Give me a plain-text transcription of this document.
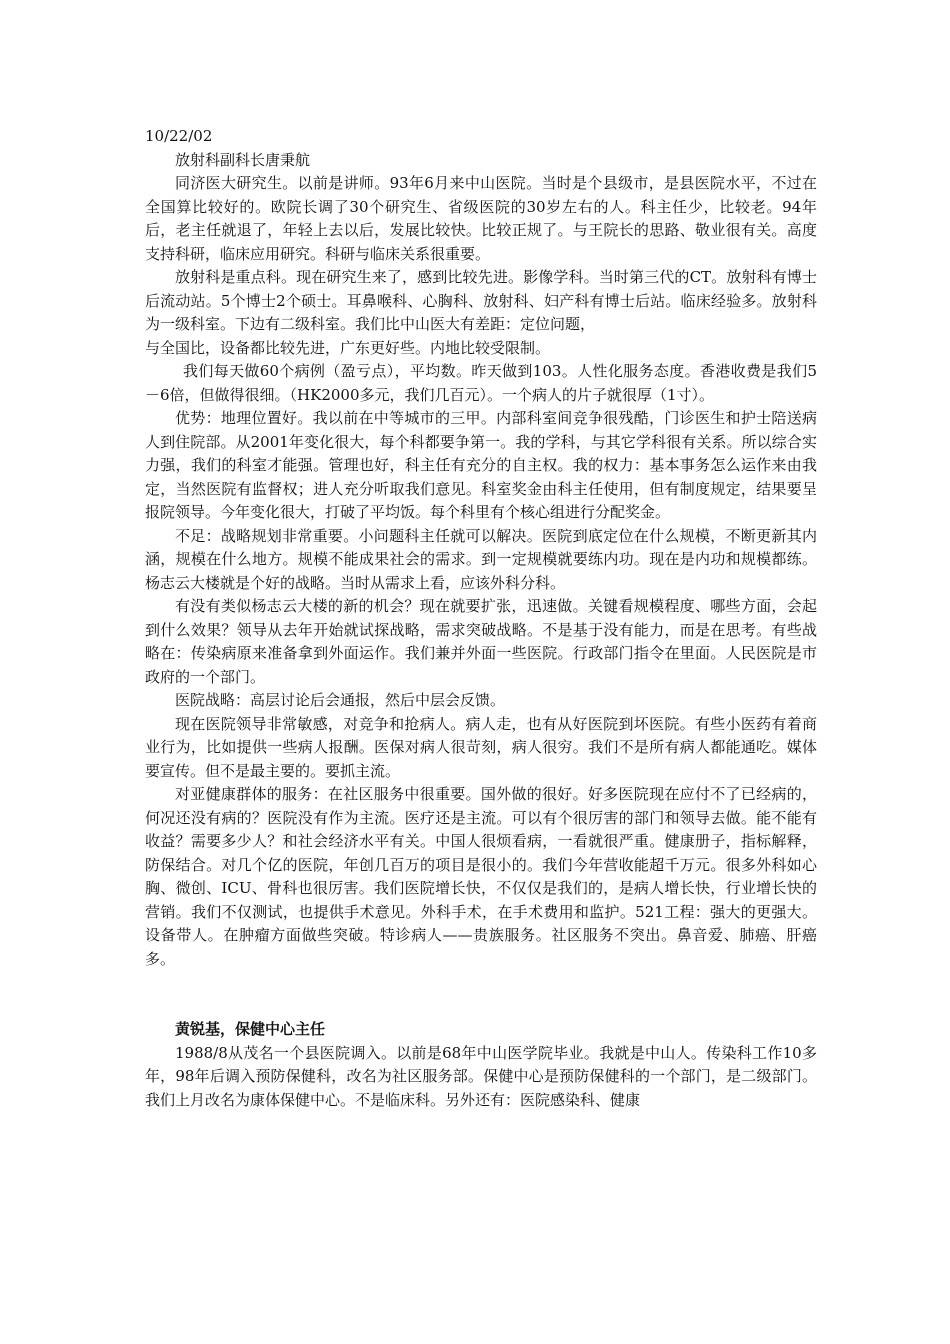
10/22/02

放射科副科长唐秉航

同济医大研究生。以前是讲师。93年6月来中山医院。当时是个县级市，是县医院水平，不过在全国算比较好的。欧院长调了30个研究生、省级医院的30岁左右的人。科主任少，比较老。94年后，老主任就退了，年轻上去以后，发展比较快。比较正规了。与王院长的思路、敬业很有关。高度支持科研，临床应用研究。科研与临床关系很重要。

放射科是重点科。现在研究生来了，感到比较先进。影像学科。当时第三代的CT。放射科有博士后流动站。5个博士2个硕士。耳鼻喉科、心胸科、放射科、妇产科有博士后站。临床经验多。放射科为一级科室。下边有二级科室。我们比中山医大有差距：定位问题，

与全国比，设备都比较先进，广东更好些。内地比较受限制。

我们每天做60个病例（盈亏点），平均数。昨天做到103。人性化服务态度。香港收费是我们5－6倍，但做得很细。（HK2000多元，我们几百元）。一个病人的片子就很厚（1寸）。

优势：地理位置好。我以前在中等城市的三甲。内部科室间竞争很残酷，门诊医生和护士陪送病人到住院部。从2001年变化很大，每个科都要争第一。我的学科，与其它学科很有关系。所以综合实力强，我们的科室才能强。管理也好，科主任有充分的自主权。我的权力：基本事务怎么运作来由我定，当然医院有监督权；进人充分听取我们意见。科室奖金由科主任使用，但有制度规定，结果要呈报院领导。今年变化很大，打破了平均饭。每个科里有个核心组进行分配奖金。

不足：战略规划非常重要。小问题科主任就可以解决。医院到底定位在什么规模，不断更新其内涵，规模在什么地方。规模不能成果社会的需求。到一定规模就要练内功。现在是内功和规模都练。杨志云大楼就是个好的战略。当时从需求上看，应该外科分科。

有没有类似杨志云大楼的新的机会？现在就要扩张，迅速做。关键看规模程度、哪些方面，会起到什么效果？领导从去年开始就试探战略，需求突破战略。不是基于没有能力，而是在思考。有些战略在：传染病原来准备拿到外面运作。我们兼并外面一些医院。行政部门指令在里面。人民医院是市政府的一个部门。

医院战略：高层讨论后会通报，然后中层会反馈。

现在医院领导非常敏感，对竞争和抢病人。病人走，也有从好医院到坏医院。有些小医药有着商业行为，比如提供一些病人报酬。医保对病人很苛刻，病人很穷。我们不是所有病人都能通吃。媒体要宣传。但不是最主要的。要抓主流。

对亚健康群体的服务：在社区服务中很重要。国外做的很好。好多医院现在应付不了已经病的，何况还没有病的？医院没有作为主流。医疗还是主流。可以有个很厉害的部门和领导去做。能不能有收益？需要多少人？和社会经济水平有关。中国人很烦看病，一看就很严重。健康册子，指标解释，防保结合。对几个亿的医院，年创几百万的项目是很小的。我们今年营收能超千万元。很多外科如心胸、微创、ICU、骨科也很厉害。我们医院增长快，不仅仅是我们的，是病人增长快，行业增长快的营销。我们不仅测试，也提供手术意见。外科手术，在手术费用和监护。521工程：强大的更强大。设备带人。在肿瘤方面做些突破。特诊病人——贵族服务。社区服务不突出。鼻音爱、肺癌、肝癌多。

黄锐基，保健中心主任

1988/8从茂名一个县医院调入。以前是68年中山医学院毕业。我就是中山人。传染科工作10多年，98年后调入预防保健科，改名为社区服务部。保健中心是预防保健科的一个部门，是二级部门。我们上月改名为康体保健中心。不是临床科。另外还有：医院感染科、健康
